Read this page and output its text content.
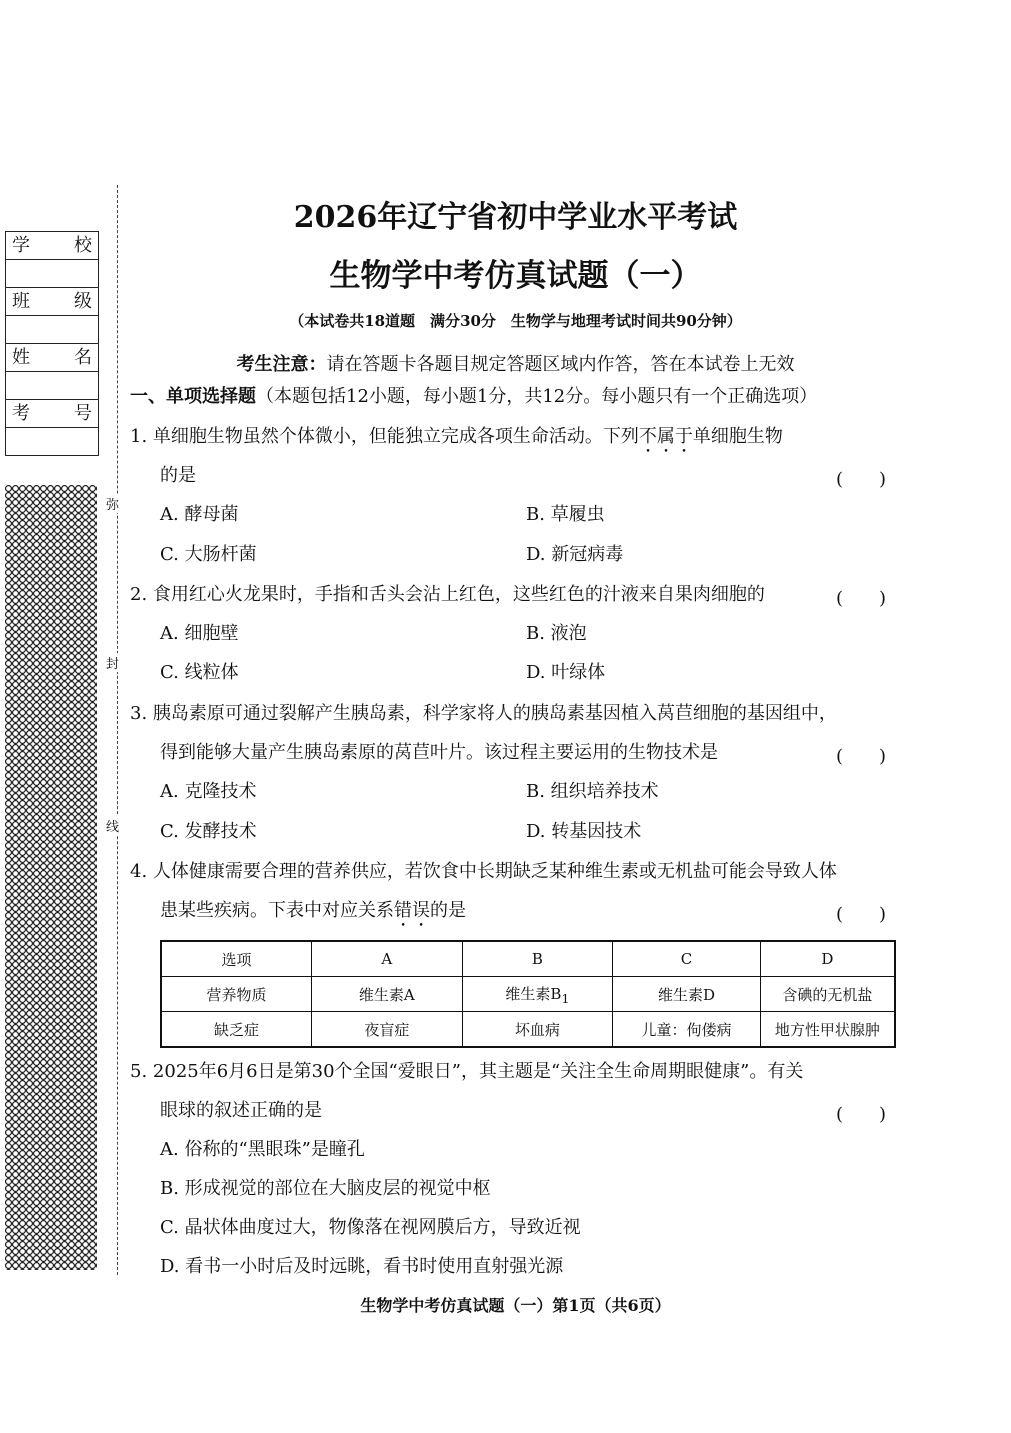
学 校
班 级
姓 名
考 号
弥
封
线
2026年辽宁省初中学业水平考试
生物学中考仿真试题（一）
（本试卷共18道题　满分30分　生物学与地理考试时间共90分钟）
考生注意：请在答题卡各题目规定答题区域内作答，答在本试卷上无效
一、单项选择题（本题包括12小题，每小题1分，共12分。每小题只有一个正确选项）
1. 单细胞生物虽然个体微小，但能独立完成各项生命活动。下列不属于单细胞生物
的是	(　　)
A. 酵母菌	B. 草履虫
C. 大肠杆菌	D. 新冠病毒
2. 食用红心火龙果时，手指和舌头会沾上红色，这些红色的汁液来自果肉细胞的	(　　)
A. 细胞壁	B. 液泡
C. 线粒体	D. 叶绿体
3. 胰岛素原可通过裂解产生胰岛素，科学家将人的胰岛素基因植入莴苣细胞的基因组中，
得到能够大量产生胰岛素原的莴苣叶片。该过程主要运用的生物技术是	(　　)
A. 克隆技术	B. 组织培养技术
C. 发酵技术	D. 转基因技术
4. 人体健康需要合理的营养供应，若饮食中长期缺乏某种维生素或无机盐可能会导致人体
患某些疾病。下表中对应关系错误的是	(　　)
选项	A	B	C	D
营养物质	维生素A	维生素$B_1$	维生素D	含碘的无机盐
缺乏症	夜盲症	坏血病	儿童：佝偻病	地方性甲状腺肿
5. 2025年6月6日是第30个全国“爱眼日”，其主题是“关注全生命周期眼健康”。有关
眼球的叙述正确的是	(　　)
A. 俗称的“黑眼珠”是瞳孔
B. 形成视觉的部位在大脑皮层的视觉中枢
C. 晶状体曲度过大，物像落在视网膜后方，导致近视
D. 看书一小时后及时远眺，看书时使用直射强光源
生物学中考仿真试题（一）第1页（共6页）
